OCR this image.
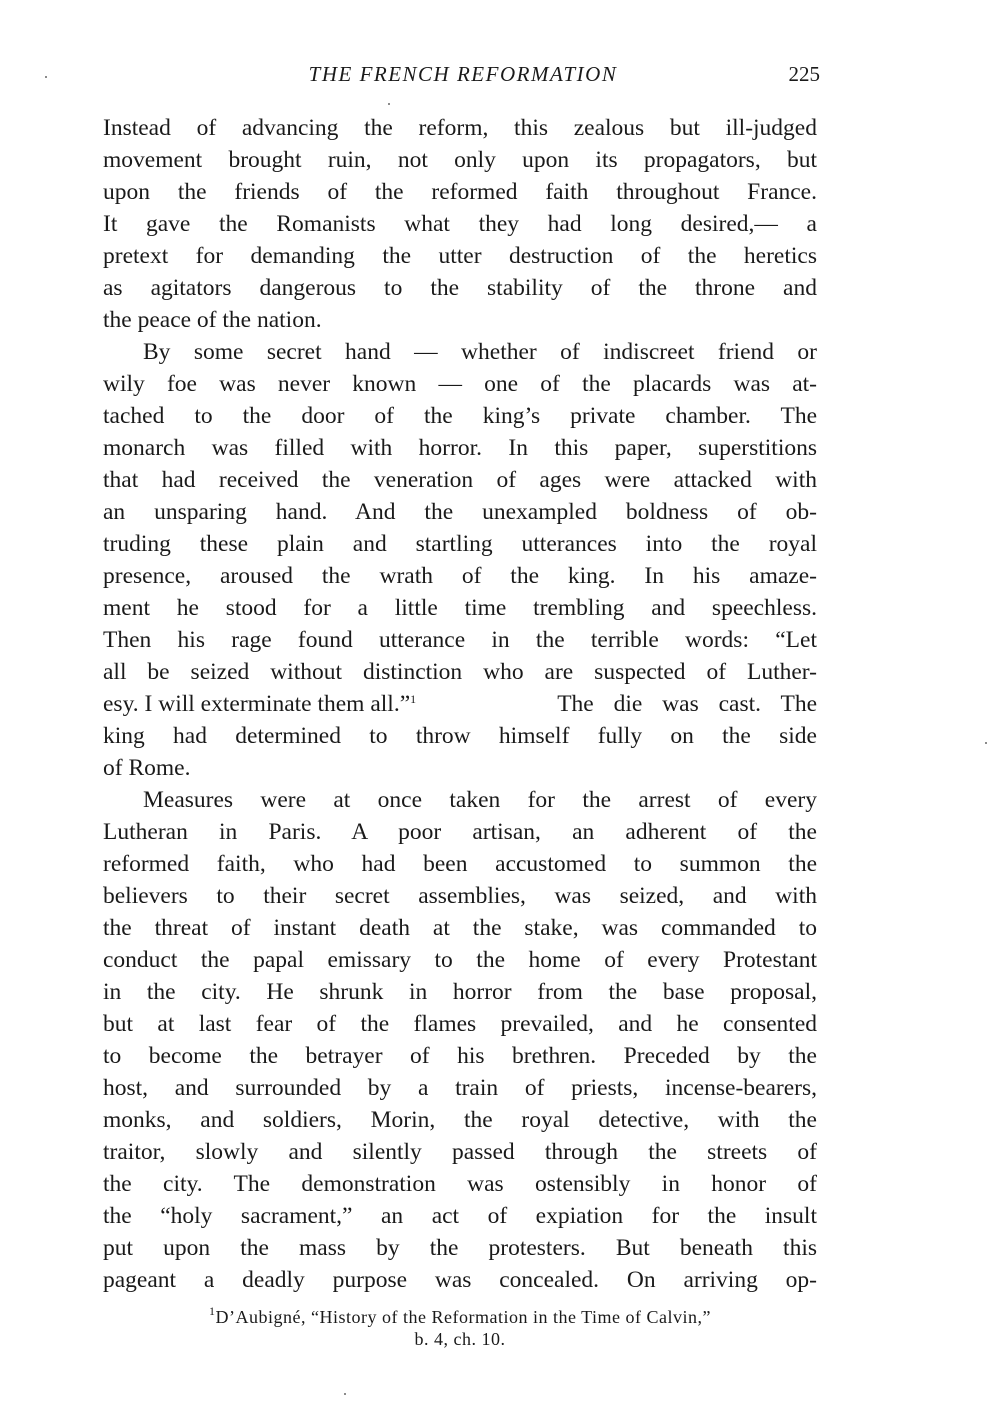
THE FRENCH REFORMATION	225
Instead of advancing the reform, this zealous but ill-judged
movement brought ruin, not only upon its propagators, but
upon the friends of the reformed faith throughout France.
It gave the Romanists what they had long desired,— a
pretext for demanding the utter destruction of the heretics
as agitators dangerous to the stability of the throne and
the peace of the nation.
By some secret hand — whether of indiscreet friend or
wily foe was never known — one of the placards was at-
tached to the door of the king’s private chamber. The
monarch was filled with horror. In this paper, superstitions
that had received the veneration of ages were attacked with
an unsparing hand. And the unexampled boldness of ob-
truding these plain and startling utterances into the royal
presence, aroused the wrath of the king. In his amaze-
ment he stood for a little time trembling and speechless.
Then his rage found utterance in the terrible words: “Let
all be seized without distinction who are suspected of Luther-
esy. I will exterminate them all.”$^1$	The die was cast. The
king had determined to throw himself fully on the side
of Rome.
Measures were at once taken for the arrest of every
Lutheran in Paris. A poor artisan, an adherent of the
reformed faith, who had been accustomed to summon the
believers to their secret assemblies, was seized, and with
the threat of instant death at the stake, was commanded to
conduct the papal emissary to the home of every Protestant
in the city. He shrunk in horror from the base proposal,
but at last fear of the flames prevailed, and he consented
to become the betrayer of his brethren. Preceded by the
host, and surrounded by a train of priests, incense-bearers,
monks, and soldiers, Morin, the royal detective, with the
traitor, slowly and silently passed through the streets of
the city. The demonstration was ostensibly in honor of
the “holy sacrament,” an act of expiation for the insult
put upon the mass by the protesters. But beneath this
pageant a deadly purpose was concealed. On arriving op-
$^1$D’Aubigné, “History of the Reformation in the Time of Calvin,”
b. 4, ch. 10.
